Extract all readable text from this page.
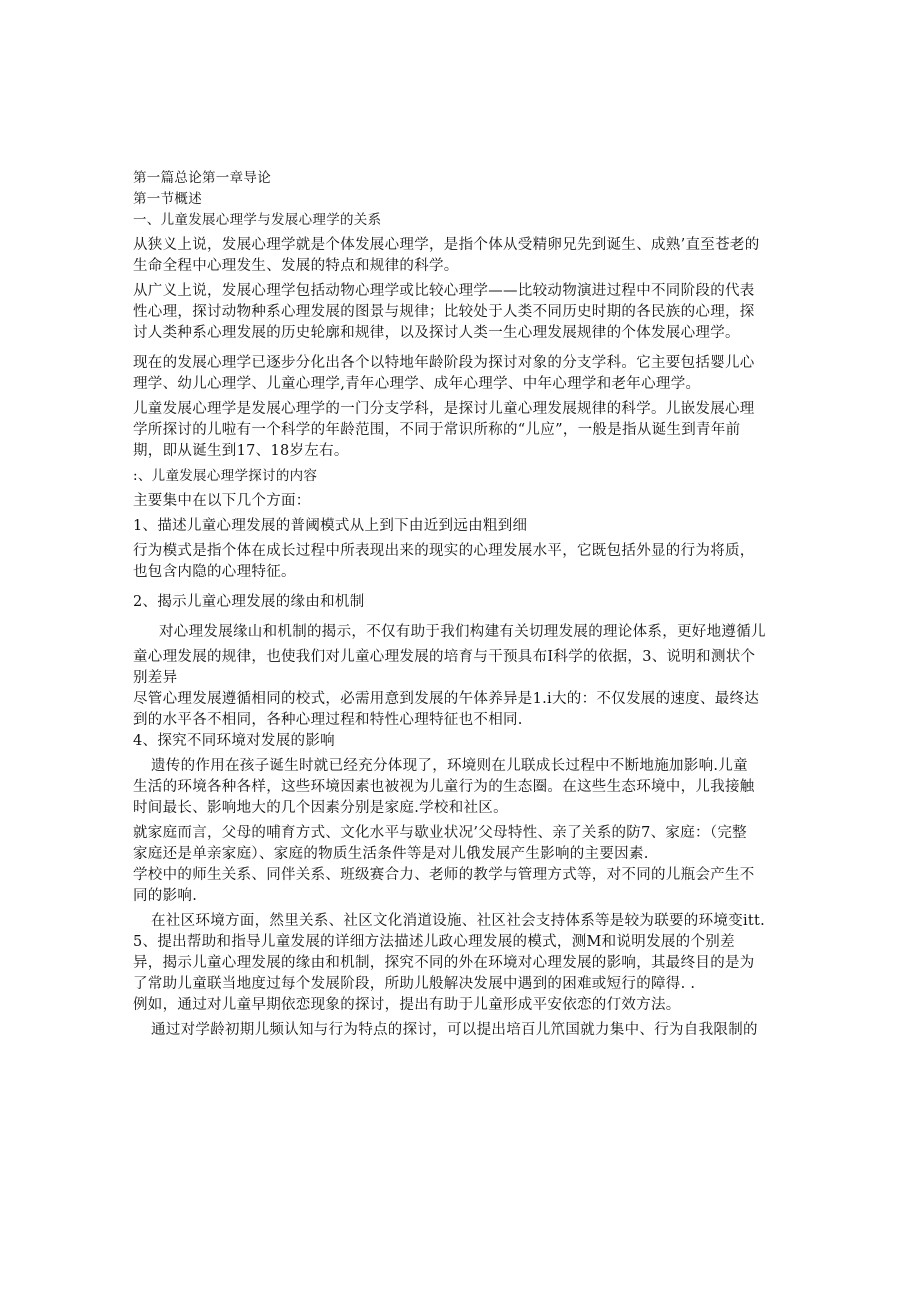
第一篇总论第一章导论
第一节概述
一、儿童发展心理学与发展心理学的关系
从狭义上说，发展心理学就是个体发展心理学，是指个体从受精卵兄先到诞生、成熟’直至苍老的
生命全程中心理发生、发展的特点和规律的科学。
从广义上说，发展心理学包括动物心理学或比较心理学——比较动物演进过程中不同阶段的代表
性心理，探讨动物种系心理发展的图景与规律；比较处于人类不同历史时期的各民族的心理，探
讨人类种系心理发展的历史轮廓和规律，以及探讨人类一生心理发展规律的个体发展心理学。
现在的发展心理学已逐步分化出各个以特地年龄阶段为探讨对象的分支学科。它主要包括婴儿心
理学、幼儿心理学、儿童心理学,青年心理学、成年心理学、中年心理学和老年心理学。
儿童发展心理学是发展心理学的一门分支学科，是探讨儿童心理发展规律的科学。儿嵌发展心理
学所探讨的儿啦有一个科学的年龄范围，不同于常识所称的“儿应”，一般是指从诞生到青年前
期，即从诞生到17、18岁左右。
:、儿童发展心理学探讨的内容
主要集中在以下几个方面：
1、描述儿童心理发展的普阈模式从上到下由近到远由粗到细
行为模式是指个体在成长过程中所表现出来的现实的心理发展水平，它既包括外显的行为将质，
也包含内隐的心理特征。
2、揭示儿童心理发展的缘由和机制
对心理发展缘山和机制的揭示，不仅有助于我们构建有关切理发展的理论体系，更好地遵循儿
童心理发展的规律，也使我们对儿童心理发展的培育与干预具布I科学的依据，3、说明和测状个
别差异
尽管心理发展遵循相同的校式，必需用意到发展的午体养异是1.i大的：不仅发展的速度、最终达
到的水平各不相同，各种心理过程和特性心理特征也不相同.
4、探究不同环境对发展的影响
遗传的作用在孩子诞生时就已经充分体现了，环境则在儿联成长过程中不断地施加影响.儿童
生活的环境各种各样，这些环境因素也被视为儿童行为的生态圈。在这些生态环境中，儿我接触
时间最长、影响地大的几个因素分别是家庭.学校和社区。
就家庭而言，父母的哺育方式、文化水平与歇业状况’父母特性、亲了关系的防7、家庭：（完整
家庭还是单亲家庭）、家庭的物质生活条件等是对儿俄发展产生影响的主要因素.
学校中的师生关系、同伴关系、班级赛合力、老师的教学与管理方式等，对不同的儿瓶会产生不
同的影响.
在社区环境方面，然里关系、社区文化消道设施、社区社会支持体系等是较为联要的环境变itt.
5、提出帮助和指导儿童发展的详细方法描述儿政心理发展的模式，测M和说明发展的个别差
异，揭示儿童心理发展的缘由和机制，探究不同的外在环境对心理发展的影响，其最终目的是为
了常助儿童联当地度过每个发展阶段，所助儿般解决发展中遇到的困难或短行的障得. .
例如，通过对儿童早期依恋现象的探讨，提出有助于儿童形成平安依恋的仃效方法。
通过对学龄初期儿频认知与行为特点的探讨，可以提出培百儿笊国就力集中、行为自我限制的
